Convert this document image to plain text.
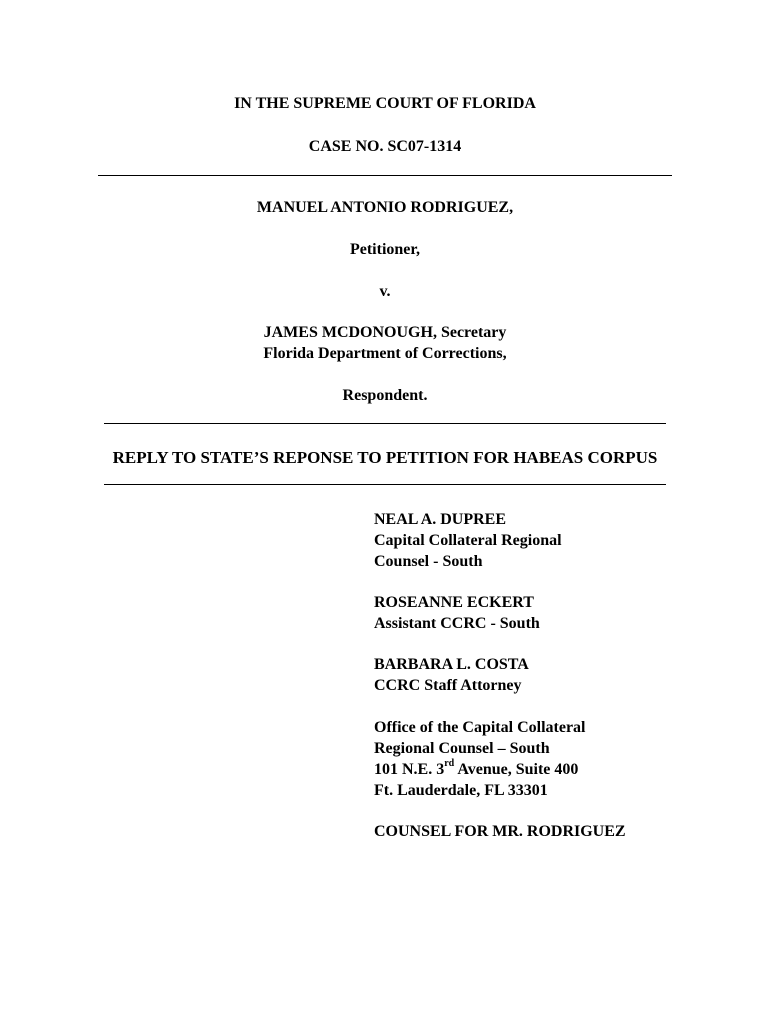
IN THE SUPREME COURT OF FLORIDA
CASE NO. SC07-1314
MANUEL ANTONIO RODRIGUEZ,
Petitioner,
v.
JAMES MCDONOUGH, Secretary
Florida Department of Corrections,
Respondent.
REPLY TO STATE’S REPONSE TO PETITION FOR HABEAS CORPUS
NEAL A. DUPREE
Capital Collateral Regional
Counsel - South
ROSEANNE ECKERT
Assistant CCRC - South
BARBARA L. COSTA
CCRC Staff Attorney
Office of the Capital Collateral
Regional Counsel – South
101 N.E. 3rd Avenue, Suite 400
Ft. Lauderdale, FL 33301
COUNSEL FOR MR. RODRIGUEZ
